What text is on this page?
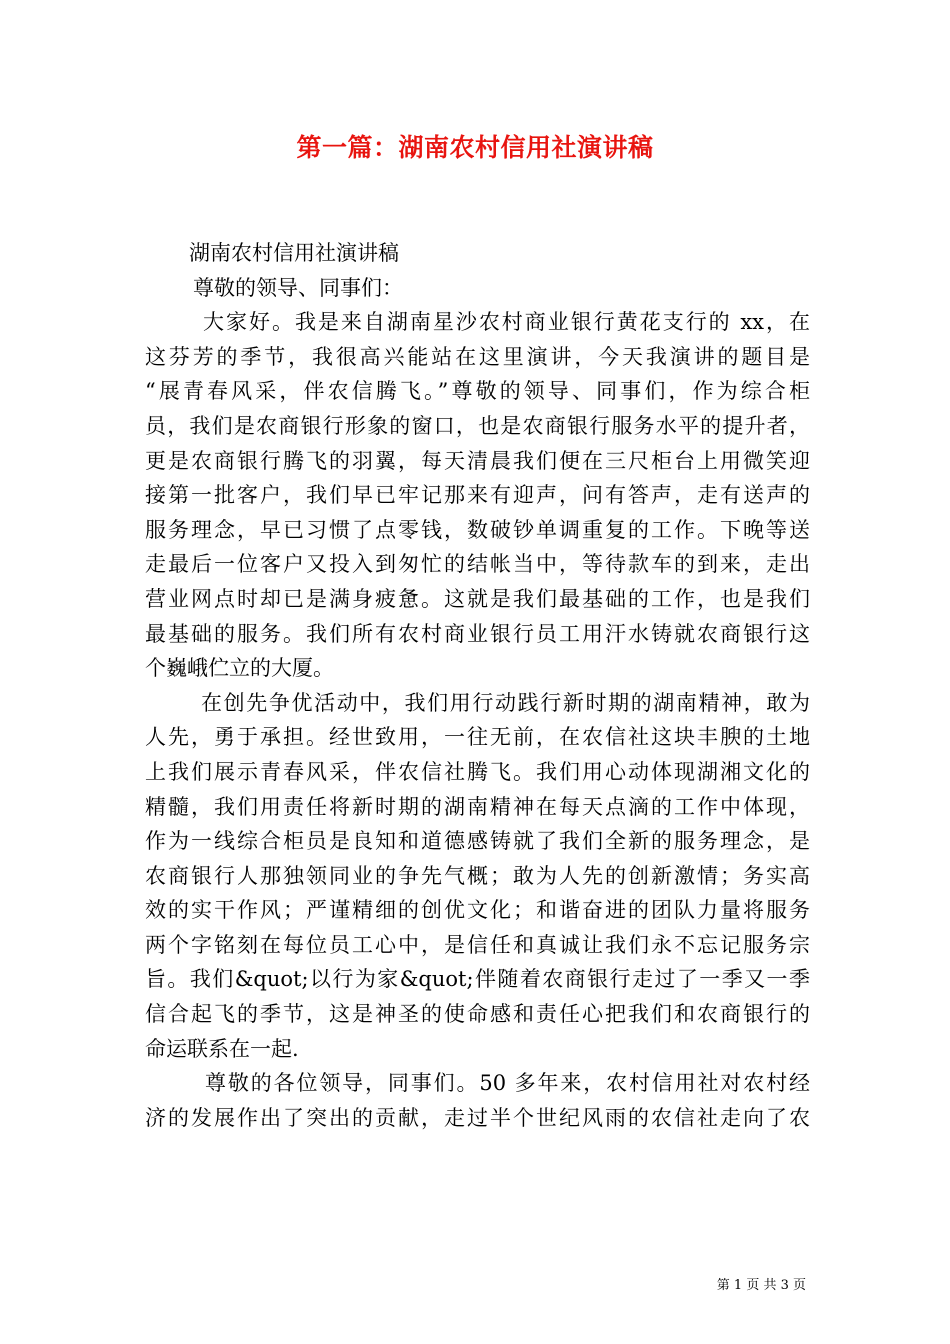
第一篇：湖南农村信用社演讲稿
湖南农村信用社演讲稿
尊敬的领导、同事们：
大家好。我是来自湖南星沙农村商业银行黄花支行的 xx，在
这芬芳的季节，我很高兴能站在这里演讲，今天我演讲的题目是
“展青春风采，伴农信腾飞。”尊敬的领导、同事们，作为综合柜
员，我们是农商银行形象的窗口，也是农商银行服务水平的提升者，
更是农商银行腾飞的羽翼，每天清晨我们便在三尺柜台上用微笑迎
接第一批客户，我们早已牢记那来有迎声，问有答声，走有送声的
服务理念，早已习惯了点零钱，数破钞单调重复的工作。下晚等送
走最后一位客户又投入到匆忙的结帐当中，等待款车的到来，走出
营业网点时却已是满身疲惫。这就是我们最基础的工作，也是我们
最基础的服务。我们所有农村商业银行员工用汗水铸就农商银行这
个巍峨伫立的大厦。
在创先争优活动中，我们用行动践行新时期的湖南精神，敢为
人先，勇于承担。经世致用，一往无前，在农信社这块丰腴的土地
上我们展示青春风采，伴农信社腾飞。我们用心动体现湖湘文化的
精髓，我们用责任将新时期的湖南精神在每天点滴的工作中体现，
作为一线综合柜员是良知和道德感铸就了我们全新的服务理念，是
农商银行人那独领同业的争先气概；敢为人先的创新激情；务实高
效的实干作风；严谨精细的创优文化；和谐奋进的团队力量将服务
两个字铭刻在每位员工心中，是信任和真诚让我们永不忘记服务宗
旨。我们&quot;以行为家&quot;伴随着农商银行走过了一季又一季
信合起飞的季节，这是神圣的使命感和责任心把我们和农商银行的
命运联系在一起.
尊敬的各位领导，同事们。50 多年来，农村信用社对农村经
济的发展作出了突出的贡献，走过半个世纪风雨的农信社走向了农
第 1 页 共 3 页
